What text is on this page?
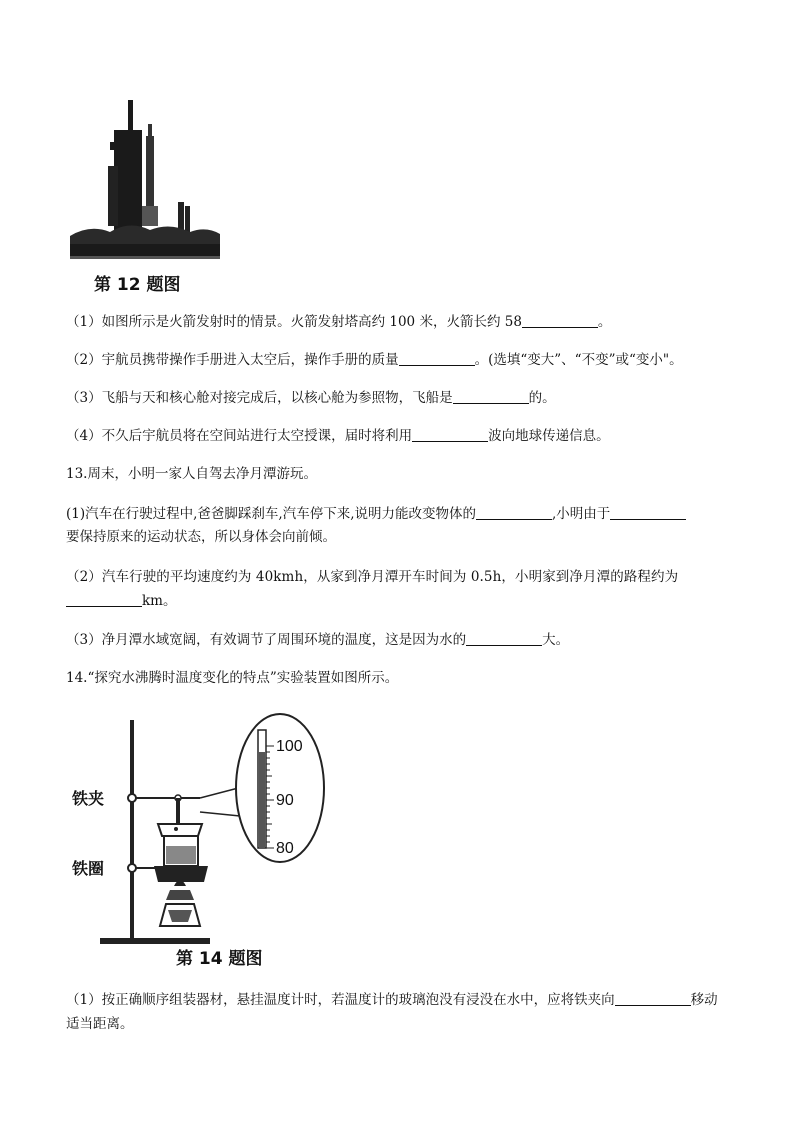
第 12 题图
（1）如图所示是火箭发射时的情景。火箭发射塔高约 100 米，火箭长约 58	。
（2）宇航员携带操作手册进入太空后，操作手册的质量	。(选填“变大”、“不变”或“变小"。
（3）飞船与天和核心舱对接完成后，以核心舱为参照物，飞船是	的。
（4）不久后宇航员将在空间站进行太空授课，届时将利用	波向地球传递信息。
13.周末，小明一家人自驾去净月潭游玩。
(1)汽车在行驶过程中,爸爸脚踩刹车,汽车停下来,说明力能改变物体的	,小明由于
要保持原来的运动状态，所以身体会向前倾。
（2）汽车行驶的平均速度约为 40kmh，从家到净月潭开车时间为 0.5h，小明家到净月潭的路程约为
km。
（3）净月潭水域宽阔，有效调节了周围环境的温度，这是因为水的	大。
14.“探究水沸腾时温度变化的特点”实验装置如图所示。
100
90
80
铁夹
铁圈
第 14 题图
（1）按正确顺序组装器材，悬挂温度计时，若温度计的玻璃泡没有浸没在水中，应将铁夹向	移动
适当距离。
